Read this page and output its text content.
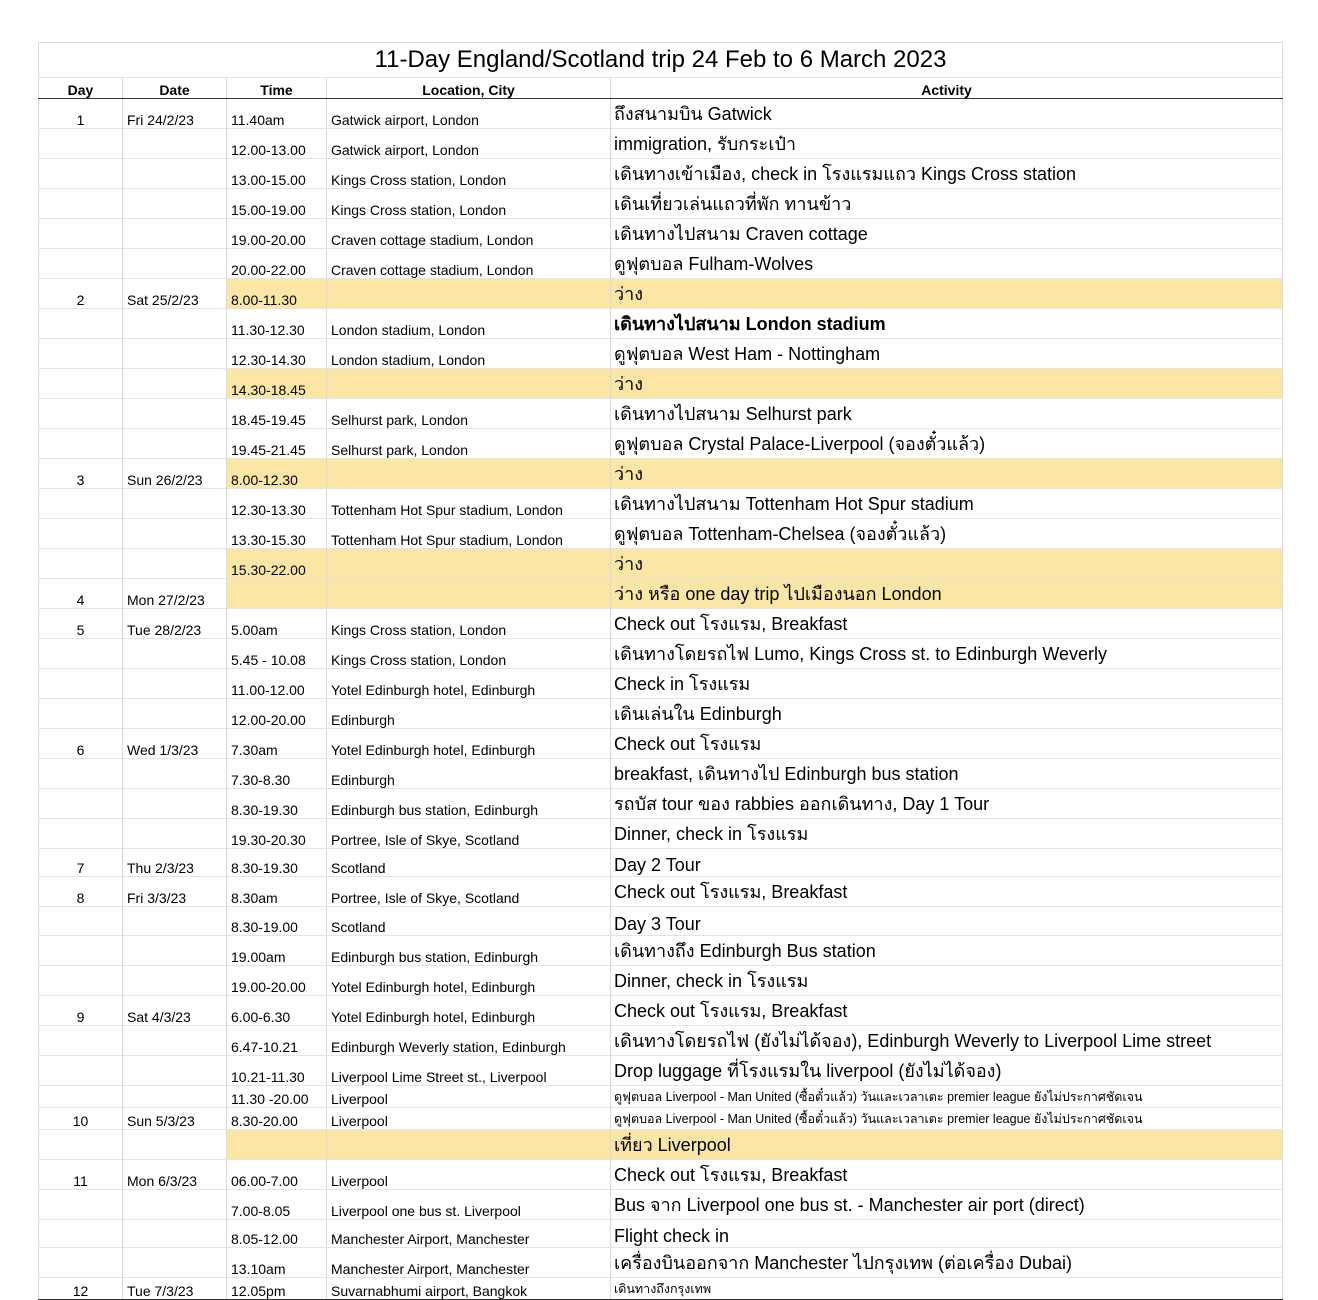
11-Day England/Scotland trip 24 Feb to 6 March 2023				
Day	Date	Time	Location, City	Activity
1	Fri 24/2/23	11.40am	Gatwick airport, London	ถึงสนามบิน Gatwick
		12.00-13.00	Gatwick airport, London	immigration, รับกระเป๋า
		13.00-15.00	Kings Cross station, London	เดินทางเข้าเมือง, check in โรงแรมแถว Kings Cross station
		15.00-19.00	Kings Cross station, London	เดินเที่ยวเล่นแถวที่พัก ทานข้าว
		19.00-20.00	Craven cottage stadium, London	เดินทางไปสนาม Craven cottage
		20.00-22.00	Craven cottage stadium, London	ดูฟุตบอล Fulham-Wolves
2	Sat 25/2/23	8.00-11.30		ว่าง
		11.30-12.30	London stadium, London	เดินทางไปสนาม London stadium
		12.30-14.30	London stadium, London	ดูฟุตบอล West Ham - Nottingham
		14.30-18.45		ว่าง
		18.45-19.45	Selhurst park, London	เดินทางไปสนาม Selhurst park
		19.45-21.45	Selhurst park, London	ดูฟุตบอล Crystal Palace-Liverpool (จองตั๋วแล้ว)
3	Sun 26/2/23	8.00-12.30		ว่าง
		12.30-13.30	Tottenham Hot Spur stadium, London	เดินทางไปสนาม Tottenham Hot Spur stadium
		13.30-15.30	Tottenham Hot Spur stadium, London	ดูฟุตบอล Tottenham-Chelsea (จองตั๋วแล้ว)
		15.30-22.00		ว่าง
4	Mon 27/2/23			ว่าง หรือ one day trip ไปเมืองนอก London
5	Tue 28/2/23	5.00am	Kings Cross station, London	Check out โรงแรม, Breakfast
		5.45 - 10.08	Kings Cross station, London	เดินทางโดยรถไฟ Lumo, Kings Cross st. to Edinburgh Weverly
		11.00-12.00	Yotel Edinburgh hotel, Edinburgh	Check in โรงแรม
		12.00-20.00	Edinburgh	เดินเล่นใน Edinburgh
6	Wed 1/3/23	7.30am	Yotel Edinburgh hotel, Edinburgh	Check out โรงแรม
		7.30-8.30	Edinburgh	breakfast, เดินทางไป Edinburgh bus station
		8.30-19.30	Edinburgh bus station, Edinburgh	รถบัส tour ของ rabbies ออกเดินทาง, Day 1 Tour
		19.30-20.30	Portree, Isle of Skye, Scotland	Dinner, check in โรงแรม
7	Thu 2/3/23	8.30-19.30	Scotland	Day 2 Tour
8	Fri 3/3/23	8.30am	Portree, Isle of Skye, Scotland	Check out โรงแรม, Breakfast
		8.30-19.00	Scotland	Day 3 Tour
		19.00am	Edinburgh bus station, Edinburgh	เดินทางถึง Edinburgh Bus station
		19.00-20.00	Yotel Edinburgh hotel, Edinburgh	Dinner, check in โรงแรม
9	Sat 4/3/23	6.00-6.30	Yotel Edinburgh hotel, Edinburgh	Check out โรงแรม, Breakfast
		6.47-10.21	Edinburgh Weverly station, Edinburgh	เดินทางโดยรถไฟ (ยังไม่ได้จอง), Edinburgh Weverly to Liverpool Lime street
		10.21-11.30	Liverpool Lime Street st., Liverpool	Drop luggage ที่โรงแรมใน liverpool (ยังไม่ได้จอง)
		11.30 -20.00	Liverpool	ดูฟุตบอล Liverpool - Man United (ซื้อตั๋วแล้ว) วันและเวลาเตะ premier league ยังไม่ประกาศชัดเจน
10	Sun 5/3/23	8.30-20.00	Liverpool	ดูฟุตบอล Liverpool - Man United (ซื้อตั๋วแล้ว) วันและเวลาเตะ premier league ยังไม่ประกาศชัดเจน
				เที่ยว Liverpool
11	Mon 6/3/23	06.00-7.00	Liverpool	Check out โรงแรม, Breakfast
		7.00-8.05	Liverpool one bus st. Liverpool	Bus จาก Liverpool one bus st. - Manchester air port (direct)
		8.05-12.00	Manchester Airport, Manchester	Flight check in
		13.10am	Manchester Airport, Manchester	เครื่องบินออกจาก Manchester ไปกรุงเทพ (ต่อเครื่อง Dubai)
12	Tue 7/3/23	12.05pm	Suvarnabhumi airport, Bangkok	เดินทางถึงกรุงเทพ
